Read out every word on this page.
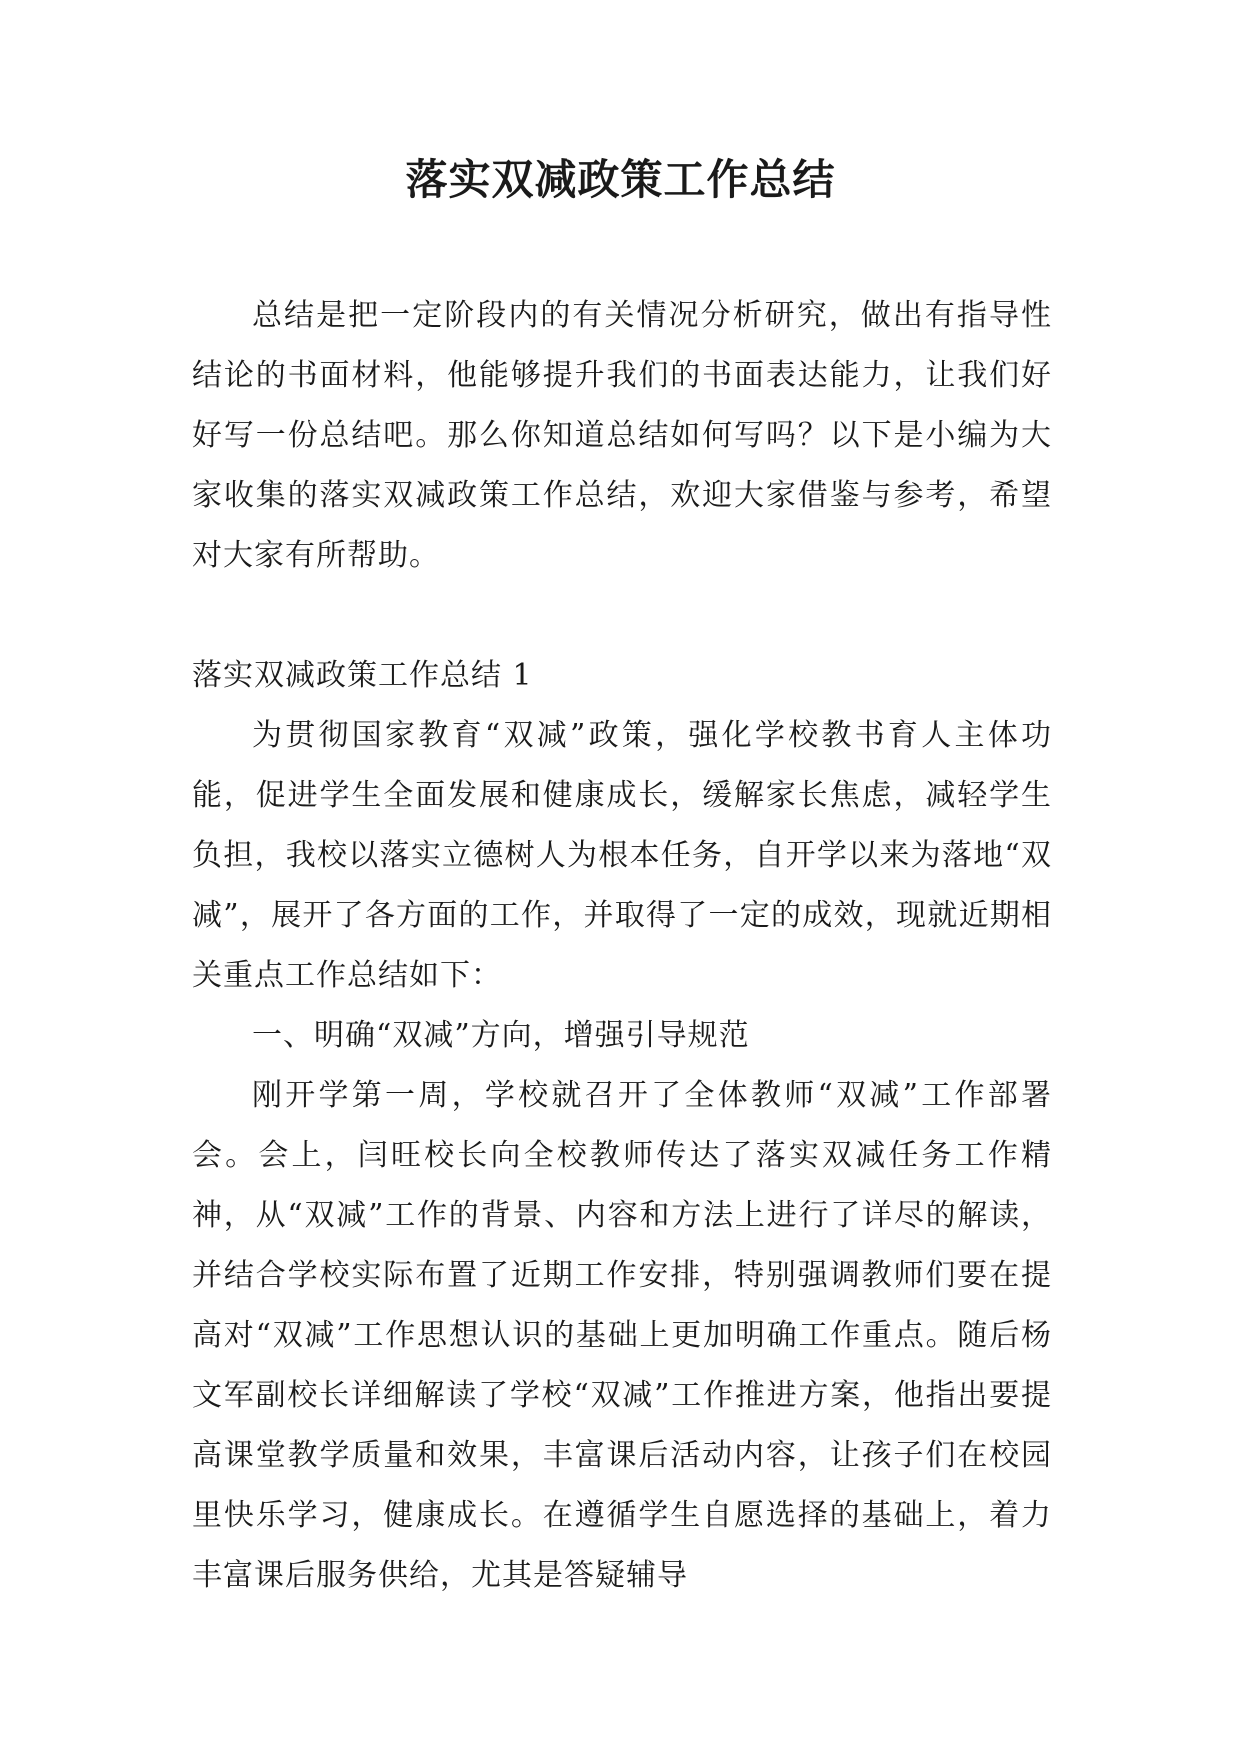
落实双减政策工作总结

总结是把一定阶段内的有关情况分析研究，做出有指导性结论的书面材料，他能够提升我们的书面表达能力，让我们好好写一份总结吧。那么你知道总结如何写吗？以下是小编为大家收集的落实双减政策工作总结，欢迎大家借鉴与参考，希望对大家有所帮助。

落实双减政策工作总结 1

为贯彻国家教育“双减”政策，强化学校教书育人主体功能，促进学生全面发展和健康成长，缓解家长焦虑，减轻学生负担，我校以落实立德树人为根本任务，自开学以来为落地“双减”，展开了各方面的工作，并取得了一定的成效，现就近期相关重点工作总结如下：

一、明确“双减”方向，增强引导规范

刚开学第一周，学校就召开了全体教师“双减”工作部署会。会上，闫旺校长向全校教师传达了落实双减任务工作精神，从“双减”工作的背景、内容和方法上进行了详尽的解读，并结合学校实际布置了近期工作安排，特别强调教师们要在提高对“双减”工作思想认识的基础上更加明确工作重点。随后杨文军副校长详细解读了学校“双减”工作推进方案，他指出要提高课堂教学质量和效果，丰富课后活动内容，让孩子们在校园里快乐学习，健康成长。在遵循学生自愿选择的基础上，着力丰富课后服务供给，尤其是答疑辅导
